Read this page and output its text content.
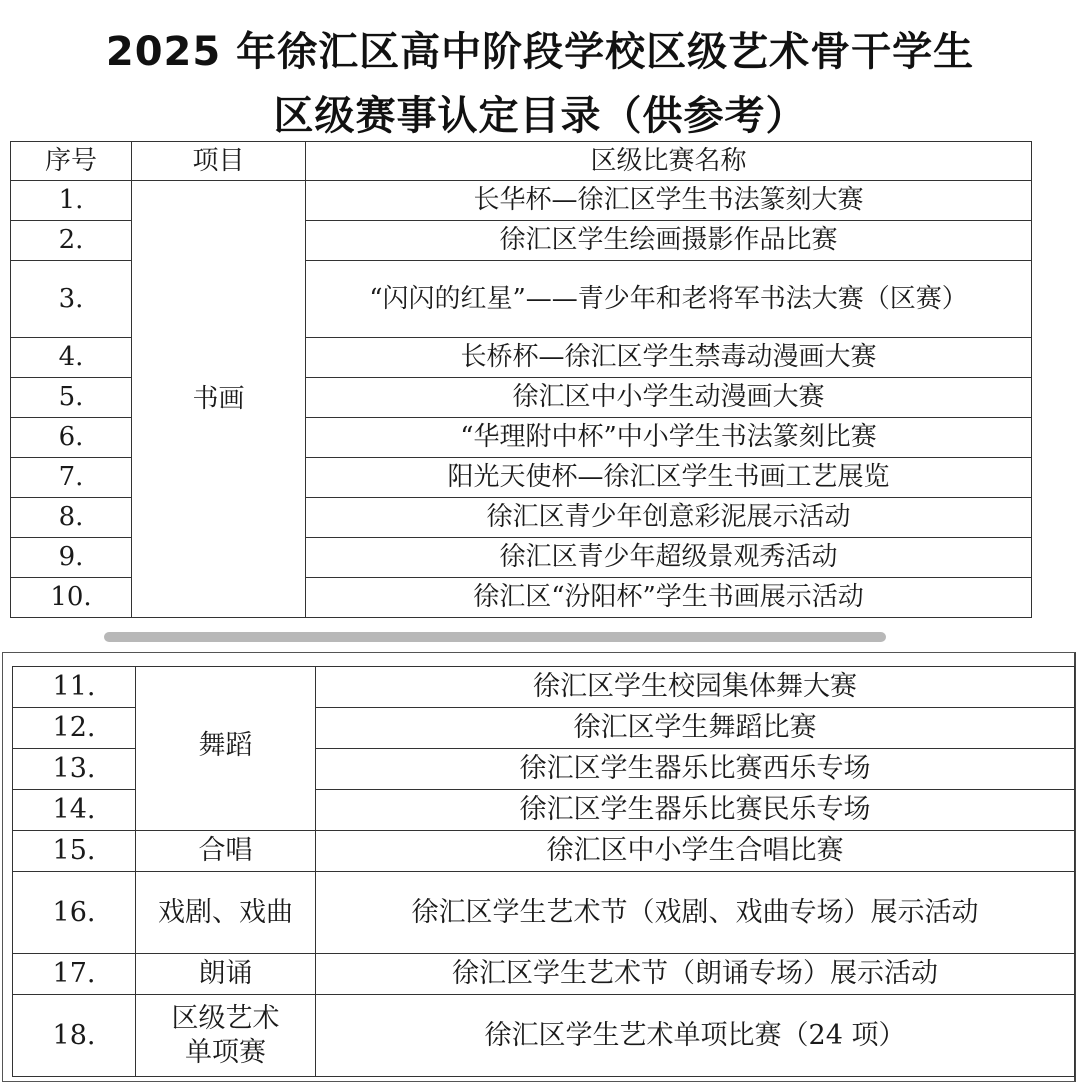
2025 年徐汇区高中阶段学校区级艺术骨干学生
区级赛事认定目录（供参考）
序号	项目	区级比赛名称
1.	书画	长华杯—徐汇区学生书法篆刻大赛
2.		徐汇区学生绘画摄影作品比赛
3.		“闪闪的红星”——青少年和老将军书法大赛（区赛）
4.		长桥杯—徐汇区学生禁毒动漫画大赛
5.		徐汇区中小学生动漫画大赛
6.		“华理附中杯”中小学生书法篆刻比赛
7.		阳光天使杯—徐汇区学生书画工艺展览
8.		徐汇区青少年创意彩泥展示活动
9.		徐汇区青少年超级景观秀活动
10.		徐汇区“汾阳杯”学生书画展示活动
11.	舞蹈	徐汇区学生校园集体舞大赛
12.		徐汇区学生舞蹈比赛
13.		徐汇区学生器乐比赛西乐专场
14.		徐汇区学生器乐比赛民乐专场
15.	合唱	徐汇区中小学生合唱比赛
16.	戏剧、戏曲	徐汇区学生艺术节（戏剧、戏曲专场）展示活动
17.	朗诵	徐汇区学生艺术节（朗诵专场）展示活动
18.	区级艺术单项赛	徐汇区学生艺术单项比赛（24 项）
